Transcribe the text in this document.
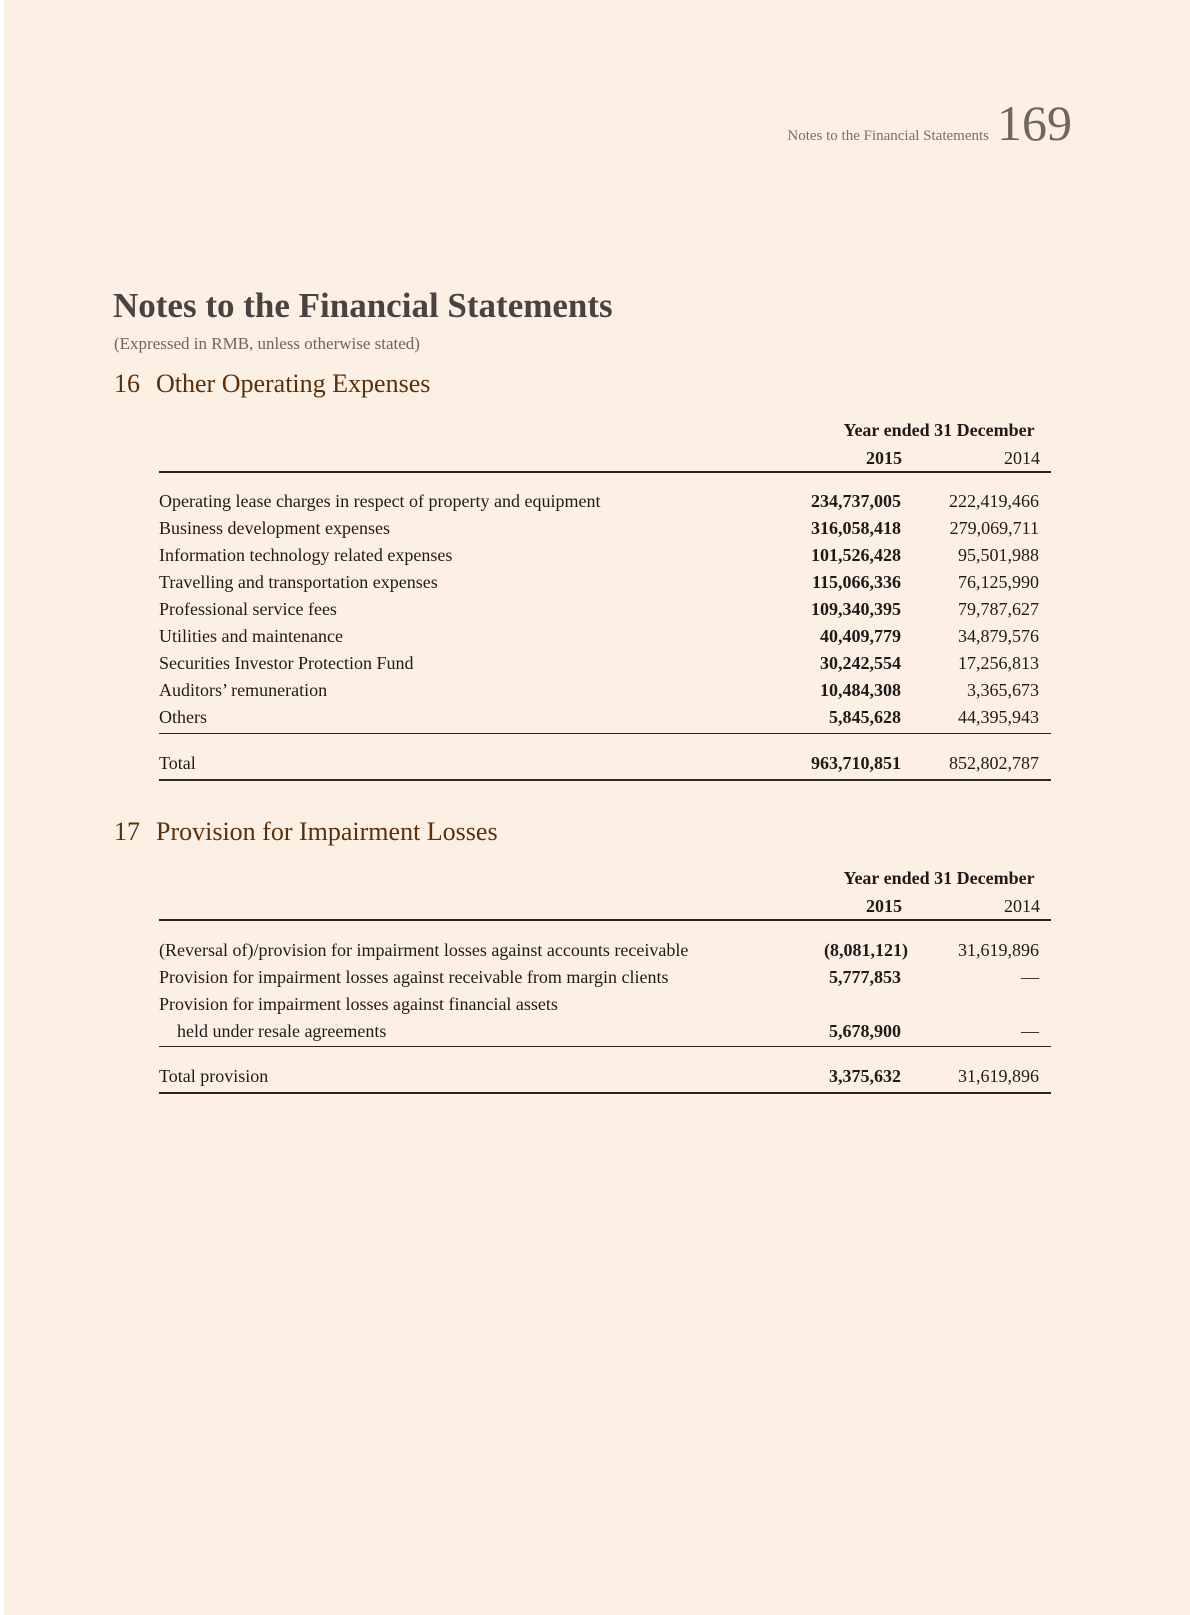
Notes to the Financial Statements 169
Notes to the Financial Statements
(Expressed in RMB, unless otherwise stated)
16 Other Operating Expenses
Year ended 31 December
2015	2014
Operating lease charges in respect of property and equipment	234,737,005	222,419,466
Business development expenses	316,058,418	279,069,711
Information technology related expenses	101,526,428	95,501,988
Travelling and transportation expenses	115,066,336	76,125,990
Professional service fees	109,340,395	79,787,627
Utilities and maintenance	40,409,779	34,879,576
Securities Investor Protection Fund	30,242,554	17,256,813
Auditors’ remuneration	10,484,308	3,365,673
Others	5,845,628	44,395,943
Total	963,710,851	852,802,787
17 Provision for Impairment Losses
Year ended 31 December
2015	2014
(Reversal of)/provision for impairment losses against accounts receivable	(8,081,121)	31,619,896
Provision for impairment losses against receivable from margin clients	5,777,853	—
Provision for impairment losses against financial assets
held under resale agreements	5,678,900	—
Total provision	3,375,632	31,619,896
